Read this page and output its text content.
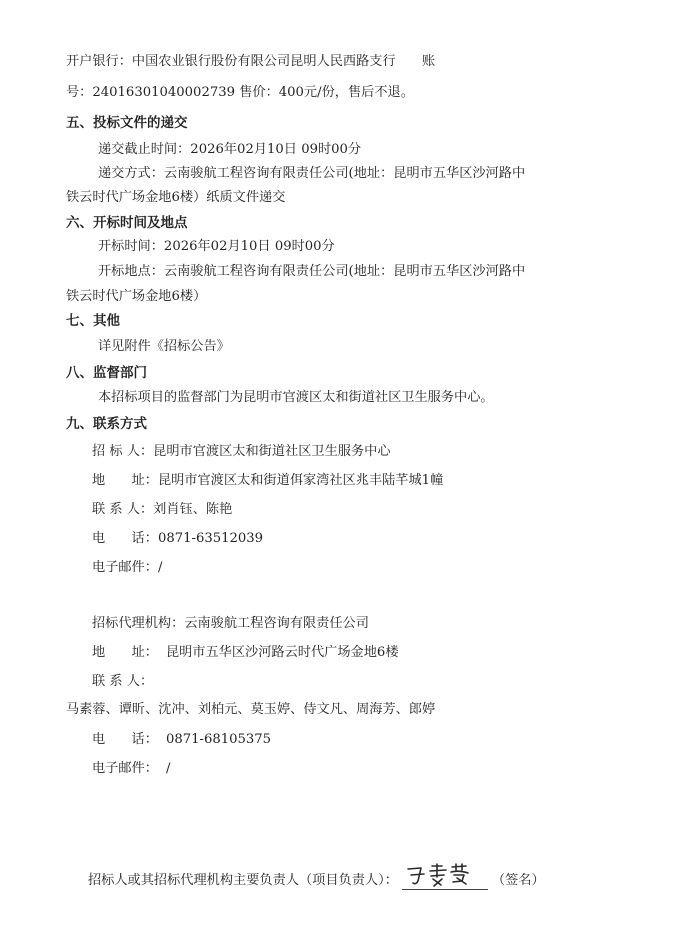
开户银行：中国农业银行股份有限公司昆明人民西路支行　　账
号：24016301040002739 售价：400元/份，售后不退。
五、投标文件的递交
递交截止时间：2026年02月10日 09时00分
递交方式：云南骏航工程咨询有限责任公司(地址：昆明市五华区沙河路中
铁云时代广场金地6楼）纸质文件递交
六、开标时间及地点
开标时间：2026年02月10日 09时00分
开标地点：云南骏航工程咨询有限责任公司(地址：昆明市五华区沙河路中
铁云时代广场金地6楼）
七、其他
详见附件《招标公告》
八、监督部门
本招标项目的监督部门为昆明市官渡区太和街道社区卫生服务中心。
九、联系方式
招 标 人：昆明市官渡区太和街道社区卫生服务中心
地　　址：昆明市官渡区太和街道佴家湾社区兆丰陆芊城1幢
联 系 人：刘肖钰、陈艳
电　　话：0871-63512039
电子邮件：/
招标代理机构：云南骏航工程咨询有限责任公司
地　　址： 昆明市五华区沙河路云时代广场金地6楼
联 系 人：
马素蓉、谭昕、沈冲、刘柏元、莫玉婷、侍文凡、周海芳、郎婷
电　　话： 0871-68105375
电子邮件： /
招标人或其招标代理机构主要负责人（项目负责人）：	（签名）
